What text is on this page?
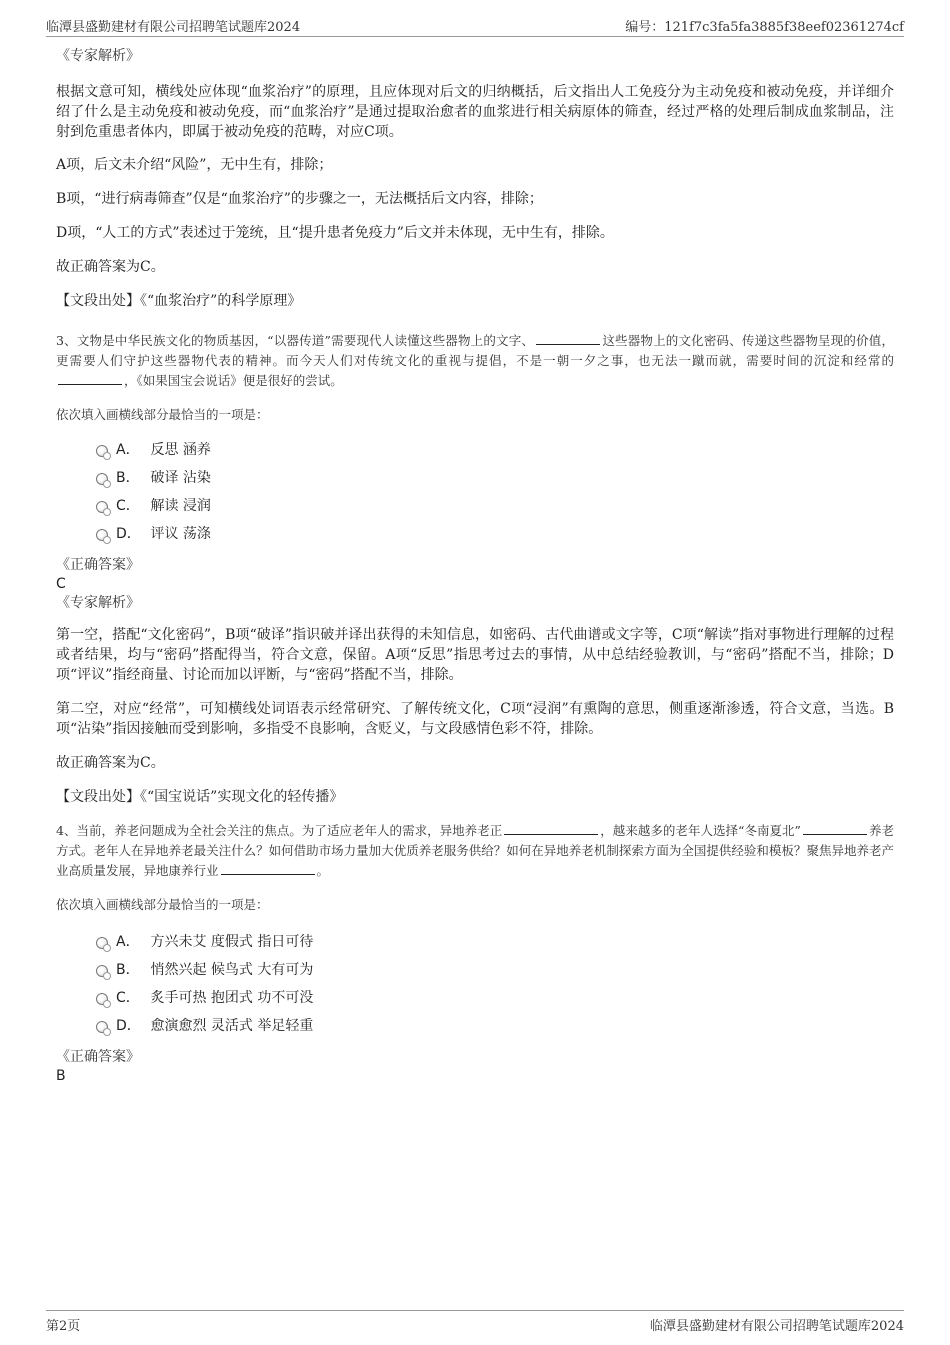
临潭县盛勤建材有限公司招聘笔试题库2024	编号：121f7c3fa5fa3885f38eef02361274cf

《专家解析》

根据文意可知，横线处应体现“血浆治疗”的原理，且应体现对后文的归纳概括，后文指出人工免疫分为主动免疫和被动免疫，并详细介绍了什么是主动免疫和被动免疫，而“血浆治疗”是通过提取治愈者的血浆进行相关病原体的筛查，经过严格的处理后制成血浆制品，注射到危重患者体内，即属于被动免疫的范畴，对应C项。

A项，后文未介绍“风险”，无中生有，排除；

B项，“进行病毒筛查”仅是“血浆治疗”的步骤之一，无法概括后文内容，排除；

D项，“人工的方式”表述过于笼统，且“提升患者免疫力”后文并未体现，无中生有，排除。

故正确答案为C。

【文段出处】《“血浆治疗”的科学原理》

3、文物是中华民族文化的物质基因，“以器传道”需要现代人读懂这些器物上的文字、	这些器物上的文化密码、传递这些器物呈现的价值，更需要人们守护这些器物代表的精神。而今天人们对传统文化的重视与提倡，不是一朝一夕之事，也无法一蹴而就，需要时间的沉淀和经常的，《如果国宝会说话》便是很好的尝试。

依次填入画横线部分最恰当的一项是：

A． 反思 涵养
B． 破译 沾染
C． 解读 浸润
D． 评议 荡涤

《正确答案》

C

《专家解析》

第一空，搭配“文化密码”，B项“破译”指识破并译出获得的未知信息，如密码、古代曲谱或文字等，C项“解读”指对事物进行理解的过程或者结果，均与“密码”搭配得当，符合文意，保留。A项“反思”指思考过去的事情，从中总结经验教训，与“密码”搭配不当，排除；D项“评议”指经商量、讨论而加以评断，与“密码”搭配不当，排除。

第二空，对应“经常”，可知横线处词语表示经常研究、了解传统文化，C项“浸润”有熏陶的意思，侧重逐渐渗透，符合文意，当选。B项“沾染”指因接触而受到影响，多指受不良影响，含贬义，与文段感情色彩不符，排除。

故正确答案为C。

【文段出处】《“国宝说话”实现文化的轻传播》

4、当前，养老问题成为全社会关注的焦点。为了适应老年人的需求，异地养老正	，越来越多的老年人选择“冬南夏北”	养老方式。老年人在异地养老最关注什么？如何借助市场力量加大优质养老服务供给？如何在异地养老机制探索方面为全国提供经验和模板？聚焦异地养老产业高质量发展，异地康养行业	。

依次填入画横线部分最恰当的一项是：

A． 方兴未艾 度假式 指日可待
B． 悄然兴起 候鸟式 大有可为
C． 炙手可热 抱团式 功不可没
D． 愈演愈烈 灵活式 举足轻重

《正确答案》

B

第2页	临潭县盛勤建材有限公司招聘笔试题库2024
